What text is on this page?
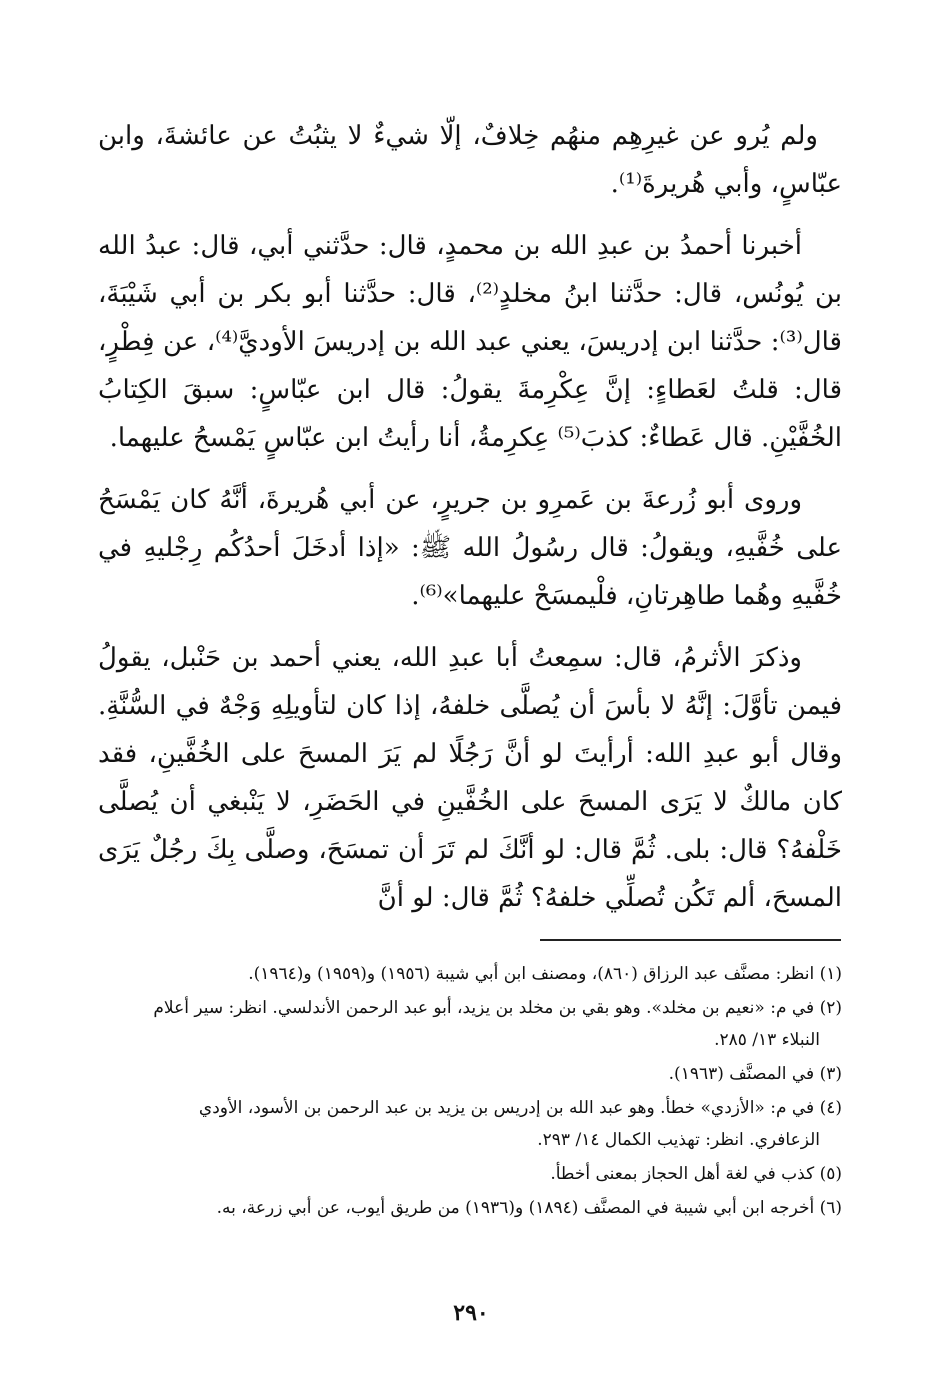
ولم يُرو عن غيرِهِم منهُم خِلافٌ، إلّا شيءٌ لا يثبُتُ عن عائشةَ، وابن عبّاسٍ، وأبي هُريرةَ⁽¹⁾.

أخبرنا أحمدُ بن عبدِ الله بن محمدٍ، قال: حدَّثني أبي، قال: عبدُ الله بن يُونُس، قال: حدَّثنا ابنُ مخلدٍ⁽²⁾، قال: حدَّثنا أبو بكر بن أبي شَيْبَةَ، قال⁽³⁾: حدَّثنا ابن إدريسَ، يعني عبد الله بن إدريسَ الأوديَّ⁽⁴⁾، عن فِطْرٍ، قال: قلتُ لعَطاءٍ: إنَّ عِكْرِمةَ يقولُ: قال ابن عبّاسٍ: سبقَ الكِتابُ الخُفَّيْنِ. قال عَطاءٌ: كذبَ⁽⁵⁾ عِكرِمةُ، أنا رأيتُ ابن عبّاسٍ يَمْسحُ عليهما.

وروى أبو زُرعةَ بن عَمرِو بن جريرٍ، عن أبي هُريرةَ، أنَّهُ كان يَمْسَحُ على خُفَّيهِ، ويقولُ: قال رسُولُ الله ﷺ: «إذا أدخَلَ أحدُكُم رِجْليهِ في خُفَّيهِ وهُما طاهِرتانِ، فلْيمسَحْ عليهما»⁽⁶⁾.

وذكرَ الأثرمُ، قال: سمِعتُ أبا عبدِ الله، يعني أحمد بن حَنْبل، يقولُ فيمن تأوَّلَ: إنَّهُ لا بأسَ أن يُصلَّى خلفهُ، إذا كان لتأويلِهِ وَجْهٌ في السُّنَّةِ. وقال أبو عبدِ الله: أرأيتَ لو أنَّ رَجُلًا لم يَرَ المسحَ على الخُفَّينِ، فقد كان مالكٌ لا يَرَى المسحَ على الخُفَّينِ في الحَضَرِ، لا يَنْبغي أن يُصلَّى خَلْفهُ؟ قال: بلى. ثُمَّ قال: لو أنَّكَ لم تَرَ أن تمسَحَ، وصلَّى بِكَ رجُلٌ يَرَى المسحَ، ألم تَكُن تُصلِّي خلفهُ؟ ثُمَّ قال: لو أنَّ

(١) انظر: مصنَّف عبد الرزاق (٨٦٠)، ومصنف ابن أبي شيبة (١٩٥٦) و(١٩٥٩) و(١٩٦٤).
(٢) في م: «نعيم بن مخلد». وهو بقي بن مخلد بن يزيد، أبو عبد الرحمن الأندلسي. انظر: سير أعلام
النبلاء ١٣/ ٢٨٥.
(٣) في المصنَّف (١٩٦٣).
(٤) في م: «الأزدي» خطأ. وهو عبد الله بن إدريس بن يزيد بن عبد الرحمن بن الأسود، الأودي
الزعافري. انظر: تهذيب الكمال ١٤/ ٢٩٣.
(٥) كذب في لغة أهل الحجاز بمعنى أخطأ.
(٦) أخرجه ابن أبي شيبة في المصنَّف (١٨٩٤) و(١٩٣٦) من طريق أيوب، عن أبي زرعة، به.
٢٩٠
